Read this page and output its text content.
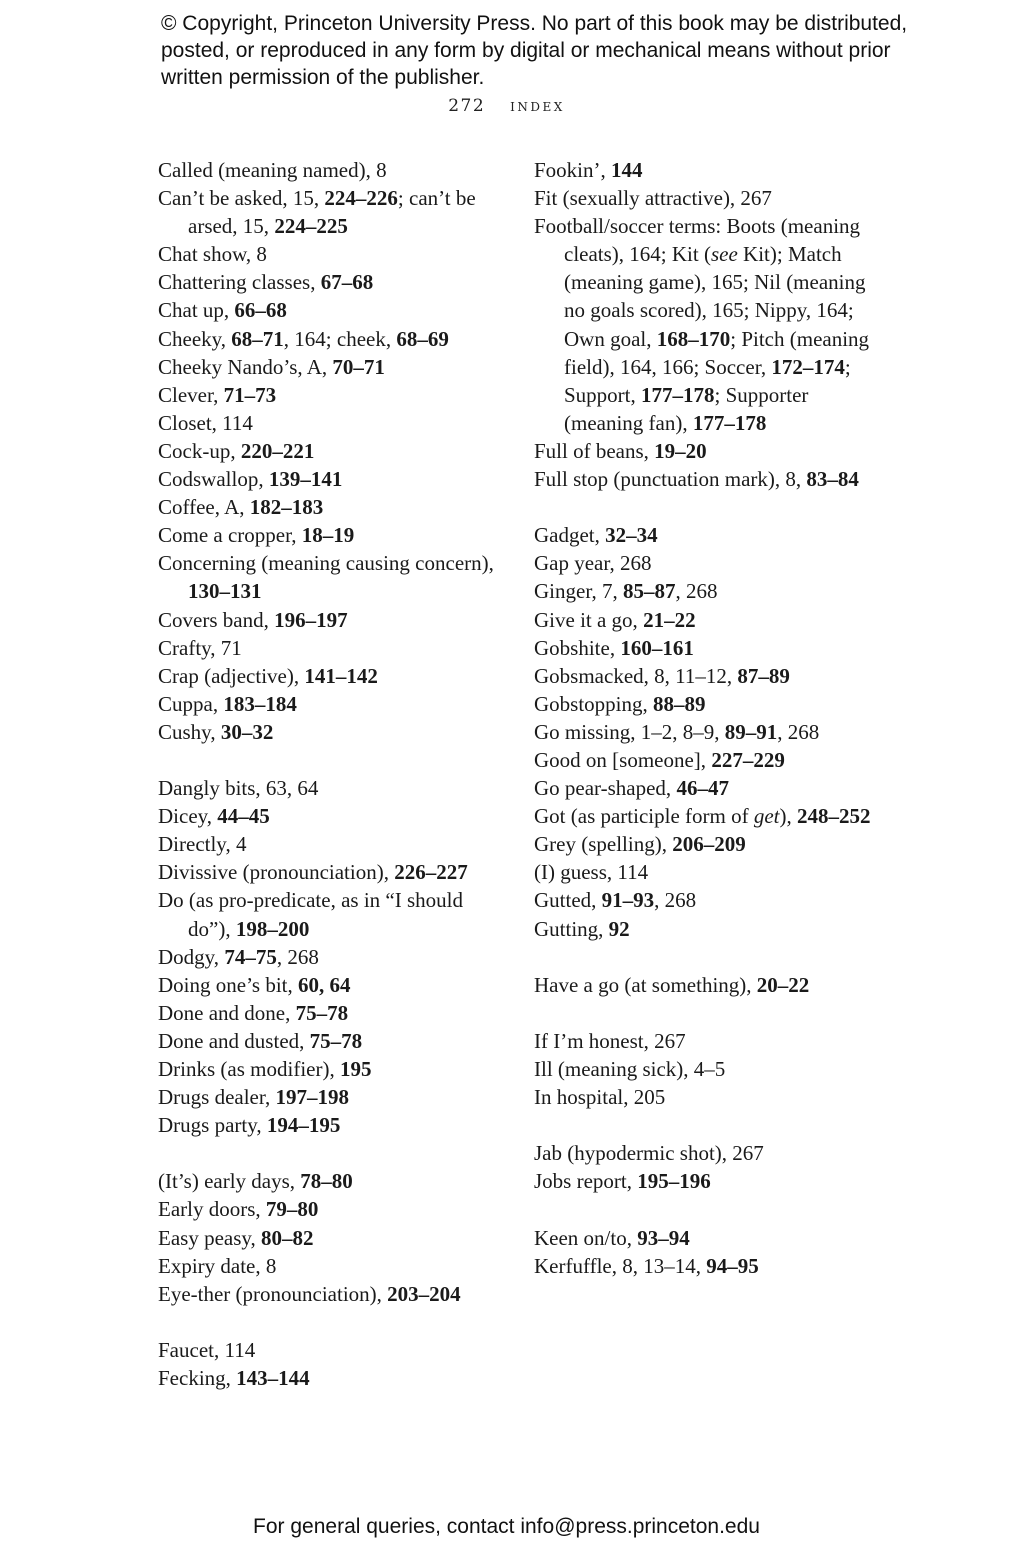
© Copyright, Princeton University Press. No part of this book may be distributed, posted, or reproduced in any form by digital or mechanical means without prior written permission of the publisher.
272 index
Called (meaning named), 8
Can’t be asked, 15, 224–226; can’t be arsed, 15, 224–225
Chat show, 8
Chattering classes, 67–68
Chat up, 66–68
Cheeky, 68–71, 164; cheek, 68–69
Cheeky Nando’s, A, 70–71
Clever, 71–73
Closet, 114
Cock-up, 220–221
Codswallop, 139–141
Coffee, A, 182–183
Come a cropper, 18–19
Concerning (meaning causing concern), 130–131
Covers band, 196–197
Crafty, 71
Crap (adjective), 141–142
Cuppa, 183–184
Cushy, 30–32
Dangly bits, 63, 64
Dicey, 44–45
Directly, 4
Divissive (pronounciation), 226–227
Do (as pro-predicate, as in “I should do”), 198–200
Dodgy, 74–75, 268
Doing one’s bit, 60, 64
Done and done, 75–78
Done and dusted, 75–78
Drinks (as modifier), 195
Drugs dealer, 197–198
Drugs party, 194–195
(It’s) early days, 78–80
Early doors, 79–80
Easy peasy, 80–82
Expiry date, 8
Eye-ther (pronounciation), 203–204
Faucet, 114
Fecking, 143–144
Fookin’, 144
Fit (sexually attractive), 267
Football/soccer terms: Boots (meaning cleats), 164; Kit (see Kit); Match (meaning game), 165; Nil (meaning no goals scored), 165; Nippy, 164; Own goal, 168–170; Pitch (meaning field), 164, 166; Soccer, 172–174; Support, 177–178; Supporter (meaning fan), 177–178
Full of beans, 19–20
Full stop (punctuation mark), 8, 83–84
Gadget, 32–34
Gap year, 268
Ginger, 7, 85–87, 268
Give it a go, 21–22
Gobshite, 160–161
Gobsmacked, 8, 11–12, 87–89
Gobstopping, 88–89
Go missing, 1–2, 8–9, 89–91, 268
Good on [someone], 227–229
Go pear-shaped, 46–47
Got (as participle form of get), 248–252
Grey (spelling), 206–209
(I) guess, 114
Gutted, 91–93, 268
Gutting, 92
Have a go (at something), 20–22
If I’m honest, 267
Ill (meaning sick), 4–5
In hospital, 205
Jab (hypodermic shot), 267
Jobs report, 195–196
Keen on/to, 93–94
Kerfuffle, 8, 13–14, 94–95
For general queries, contact info@press.princeton.edu
